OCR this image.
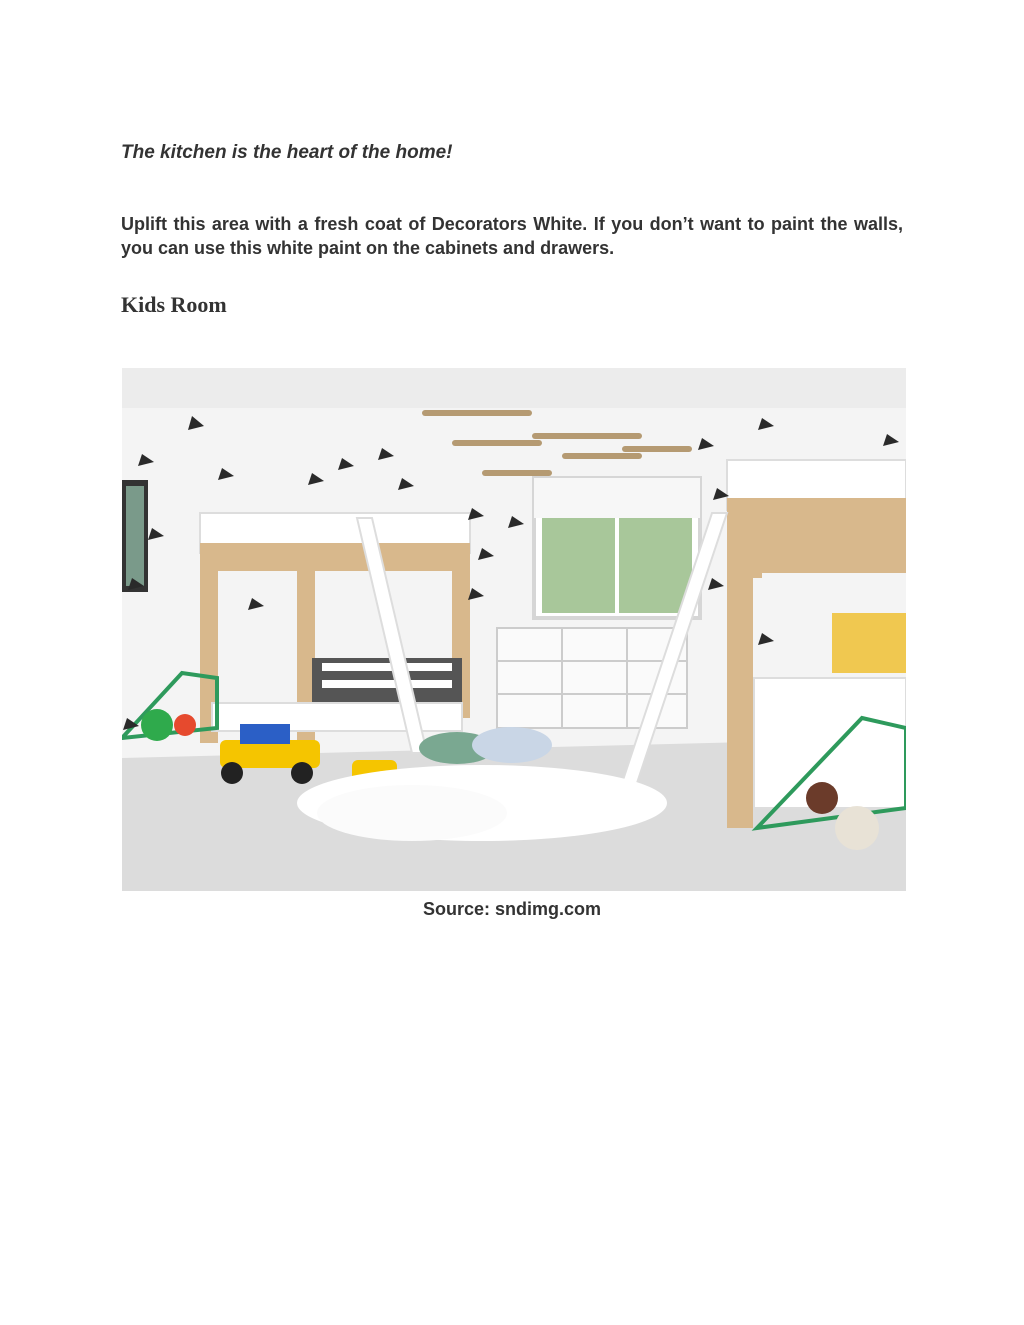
The kitchen is the heart of the home!

Uplift this area with a fresh coat of Decorators White. If you don’t want to paint the walls, you can use this white paint on the cabinets and drawers.

Kids Room

Source: sndimg.com
